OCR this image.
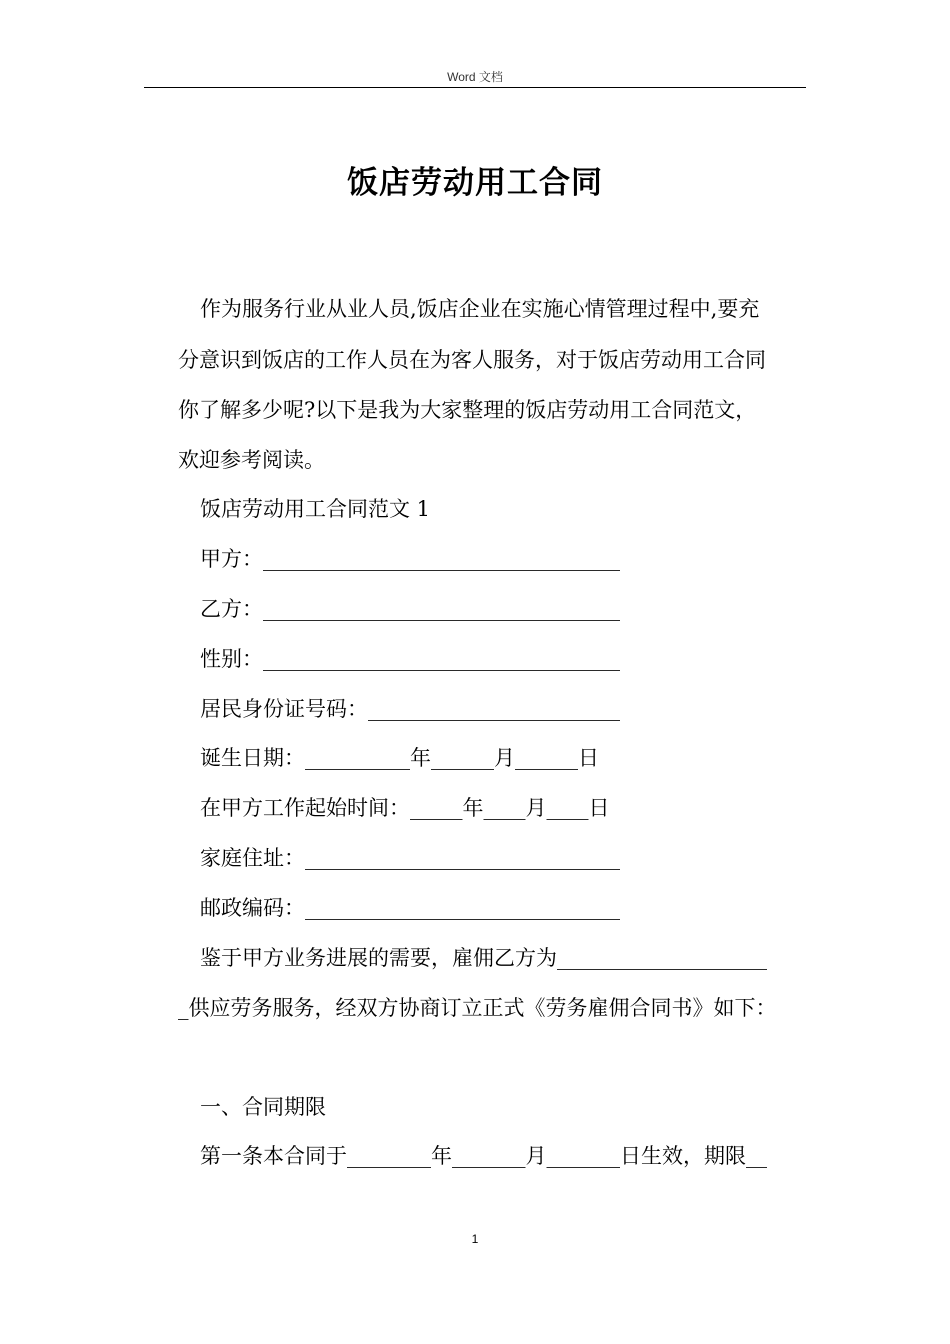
Word 文档
饭店劳动用工合同
作为服务行业从业人员,饭店企业在实施心情管理过程中,要充
分意识到饭店的工作人员在为客人服务，对于饭店劳动用工合同
你了解多少呢?以下是我为大家整理的饭店劳动用工合同范文，
欢迎参考阅读。
饭店劳动用工合同范文 1
甲方：__________________________________
乙方：__________________________________
性别：__________________________________
居民身份证号码：________________________
诞生日期：__________年______月______日
在甲方工作起始时间：_____年____月____日
家庭住址：______________________________
邮政编码：______________________________
鉴于甲方业务进展的需要，雇佣乙方为____________________
_供应劳务服务，经双方协商订立正式《劳务雇佣合同书》如下：
一、合同期限
第一条本合同于________年_______月_______日生效，期限__
1
